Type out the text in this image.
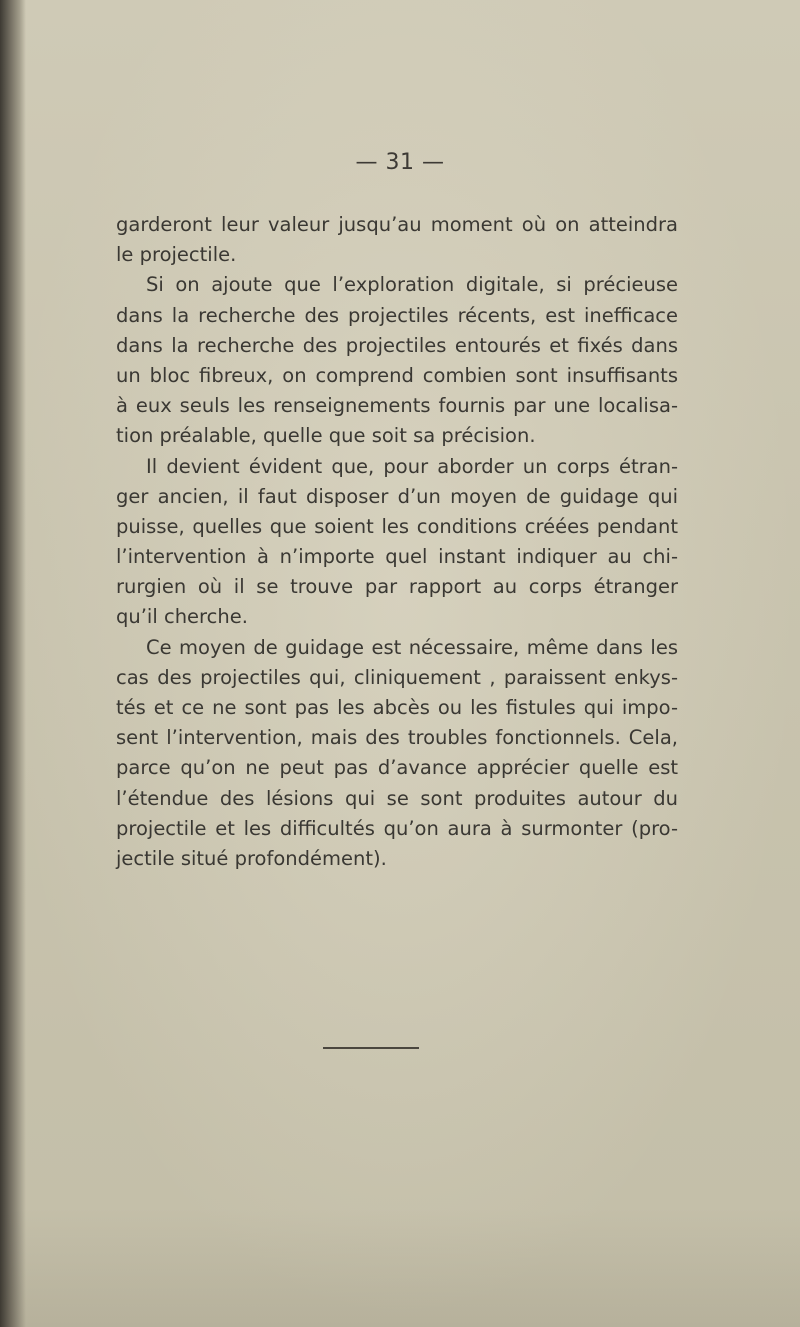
— 31 —
garderont leur valeur jusqu’au moment où on atteindra
le projectile.
Si on ajoute que l’exploration digitale, si précieuse
dans la recherche des projectiles récents, est inefficace
dans la recherche des projectiles entourés et fixés dans
un bloc fibreux, on comprend combien sont insuffisants
à eux seuls les renseignements fournis par une localisa-
tion préalable, quelle que soit sa précision.
Il devient évident que, pour aborder un corps étran-
ger ancien, il faut disposer d’un moyen de guidage qui
puisse, quelles que soient les conditions créées pendant
l’intervention à n’importe quel instant indiquer au chi-
rurgien où il se trouve par rapport au corps étranger
qu’il cherche.
Ce moyen de guidage est nécessaire, même dans les
cas des projectiles qui, cliniquement , paraissent enkys-
tés et ce ne sont pas les abcès ou les fistules qui impo-
sent l’intervention, mais des troubles fonctionnels. Cela,
parce qu’on ne peut pas d’avance apprécier quelle est
l’étendue des lésions qui se sont produites autour du
projectile et les difficultés qu’on aura à surmonter (pro-
jectile situé profondément).
